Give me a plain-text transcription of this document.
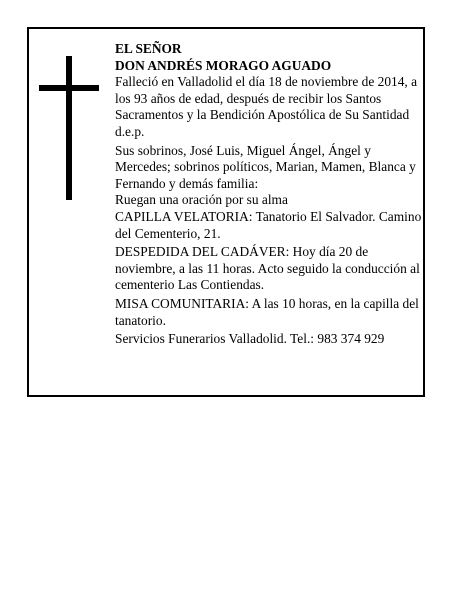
EL SEÑOR

DON ANDRÉS MORAGO AGUADO

Falleció en Valladolid el día 18 de noviembre de 2014, a los 93 años de edad, después de recibir los Santos Sacramentos y la Bendición Apostólica de Su Santidad d.e.p.

Sus sobrinos, José Luis, Miguel Ángel, Ángel y Mercedes; sobrinos políticos, Marian, Mamen, Blanca y Fernando y demás familia:

Ruegan una oración por su alma

CAPILLA VELATORIA: Tanatorio El Salvador. Camino del Cementerio, 21.

DESPEDIDA DEL CADÁVER: Hoy día 20 de noviembre, a las 11 horas. Acto seguido la conducción al cementerio Las Contiendas.

MISA COMUNITARIA: A las 10 horas, en la capilla del tanatorio.

Servicios Funerarios Valladolid. Tel.: 983 374 929
